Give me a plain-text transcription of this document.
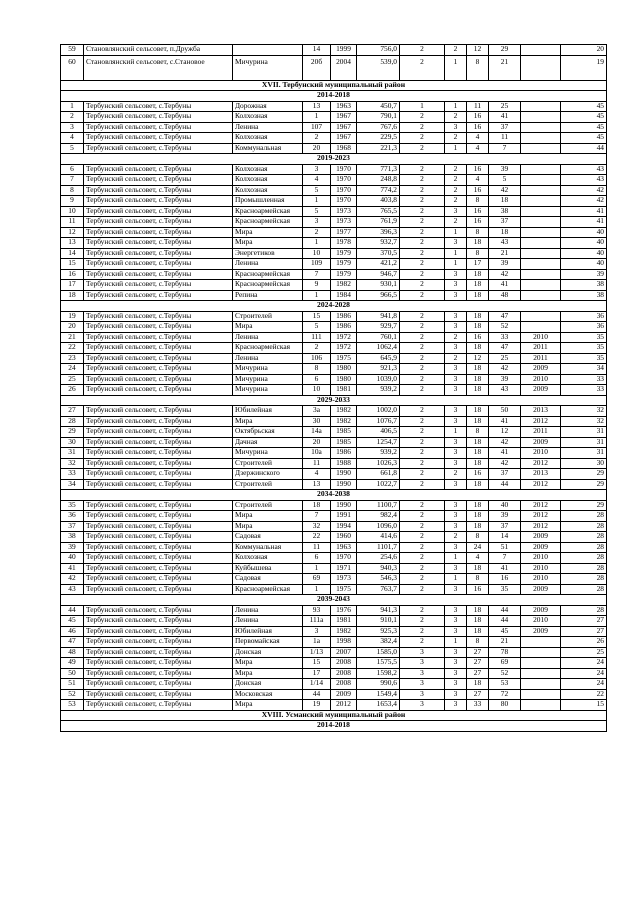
59	Становлянский сельсовет, п.Дружба		14	1999	756,0	2	2	12	29		20
60	Становлянский сельсовет, с.Становое	Мичурина	20б	2004	539,0	2	1	8	21		19
XVII. Тербунский муниципальный район											
2014-2018											
1	Тербунский сельсовет, с.Тербуны	Дорожная	13	1963	450,7	1	1	11	25		45
2	Тербунский сельсовет, с.Тербуны	Колхозная	1	1967	790,1	2	2	16	41		45
3	Тербунский сельсовет, с.Тербуны	Ленина	107	1967	767,6	2	3	16	37		45
4	Тербунский сельсовет, с.Тербуны	Колхозная	2	1967	229,5	2	2	4	11		45
5	Тербунский сельсовет, с.Тербуны	Коммунальная	20	1968	221,3	2	1	4	7		44
2019-2023											
6	Тербунский сельсовет, с.Тербуны	Колхозная	3	1970	771,3	2	2	16	39		43
7	Тербунский сельсовет, с.Тербуны	Колхозная	4	1970	248,8	2	2	4	5		43
8	Тербунский сельсовет, с.Тербуны	Колхозная	5	1970	774,2	2	2	16	42		42
9	Тербунский сельсовет, с.Тербуны	Промышленная	1	1970	403,8	2	2	8	18		42
10	Тербунский сельсовет, с.Тербуны	Красноармейская	5	1973	765,5	2	3	16	38		41
11	Тербунский сельсовет, с.Тербуны	Красноармейская	3	1973	761,9	2	2	16	37		41
12	Тербунский сельсовет, с.Тербуны	Мира	2	1977	396,3	2	1	8	18		40
13	Тербунский сельсовет, с.Тербуны	Мира	1	1978	932,7	2	3	18	43		40
14	Тербунский сельсовет, с.Тербуны	Энергетиков	10	1979	370,5	2	1	8	21		40
15	Тербунский сельсовет, с.Тербуны	Ленина	109	1979	421,2	2	1	17	39		40
16	Тербунский сельсовет, с.Тербуны	Красноармейская	7	1979	946,7	2	3	18	42		39
17	Тербунский сельсовет, с.Тербуны	Красноармейская	9	1982	930,1	2	3	18	41		38
18	Тербунский сельсовет, с.Тербуны	Репина	1	1984	966,5	2	3	18	48		38
2024-2028											
19	Тербунский сельсовет, с.Тербуны	Строителей	15	1986	941,8	2	3	18	47		36
20	Тербунский сельсовет, с.Тербуны	Мира	5	1986	929,7	2	3	18	52		36
21	Тербунский сельсовет, с.Тербуны	Ленина	111	1972	760,1	2	2	16	33	2010	35
22	Тербунский сельсовет, с.Тербуны	Красноармейская	2	1972	1062,4	2	3	18	47	2011	35
23	Тербунский сельсовет, с.Тербуны	Ленина	106	1975	645,9	2	2	12	25	2011	35
24	Тербунский сельсовет, с.Тербуны	Мичурина	8	1980	921,3	2	3	18	42	2009	34
25	Тербунский сельсовет, с.Тербуны	Мичурина	6	1980	1039,0	2	3	18	39	2010	33
26	Тербунский сельсовет, с.Тербуны	Мичурина	10	1981	939,2	2	3	18	43	2009	33
2029-2033											
27	Тербунский сельсовет, с.Тербуны	Юбилейная	3а	1982	1002,0	2	3	18	50	2013	32
28	Тербунский сельсовет, с.Тербуны	Мира	30	1982	1076,7	2	3	18	41	2012	32
29	Тербунский сельсовет, с.Тербуны	Октябрьская	14а	1985	406,5	2	1	8	12	2011	31
30	Тербунский сельсовет, с.Тербуны	Дачная	20	1985	1254,7	2	3	18	42	2009	31
31	Тербунский сельсовет, с.Тербуны	Мичурина	10а	1986	939,2	2	3	18	41	2010	31
32	Тербунский сельсовет, с.Тербуны	Строителей	11	1988	1026,3	2	3	18	42	2012	30
33	Тербунский сельсовет, с.Тербуны	Дзержинского	4	1990	661,8	2	2	16	37	2013	29
34	Тербунский сельсовет, с.Тербуны	Строителей	13	1990	1022,7	2	3	18	44	2012	29
2034-2038											
35	Тербунский сельсовет, с.Тербуны	Строителей	18	1990	1100,7	2	3	18	40	2012	29
36	Тербунский сельсовет, с.Тербуны	Мира	7	1991	982,4	2	3	18	39	2012	28
37	Тербунский сельсовет, с.Тербуны	Мира	32	1994	1096,0	2	3	18	37	2012	28
38	Тербунский сельсовет, с.Тербуны	Садовая	22	1960	414,6	2	2	8	14	2009	28
39	Тербунский сельсовет, с.Тербуны	Коммунальная	11	1963	1101,7	2	3	24	51	2009	28
40	Тербунский сельсовет, с.Тербуны	Колхозная	6	1970	254,6	2	1	4	7	2010	28
41	Тербунский сельсовет, с.Тербуны	Куйбышева	1	1971	940,3	2	3	18	41	2010	28
42	Тербунский сельсовет, с.Тербуны	Садовая	69	1973	546,3	2	1	8	16	2010	28
43	Тербунский сельсовет, с.Тербуны	Красноармейская	1	1975	763,7	2	3	16	35	2009	28
2039-2043											
44	Тербунский сельсовет, с.Тербуны	Ленина	93	1976	941,3	2	3	18	44	2009	28
45	Тербунский сельсовет, с.Тербуны	Ленина	111а	1981	910,1	2	3	18	44	2010	27
46	Тербунский сельсовет, с.Тербуны	Юбилейная	3	1982	925,3	2	3	18	45	2009	27
47	Тербунский сельсовет, с.Тербуны	Первомайская	1а	1998	382,4	2	1	8	21		26
48	Тербунский сельсовет, с.Тербуны	Донская	1/13	2007	1585,0	3	3	27	78		25
49	Тербунский сельсовет, с.Тербуны	Мира	15	2008	1575,5	3	3	27	69		24
50	Тербунский сельсовет, с.Тербуны	Мира	17	2008	1598,2	3	3	27	52		24
51	Тербунский сельсовет, с.Тербуны	Донская	1/14	2008	990,6	3	3	18	53		24
52	Тербунский сельсовет, с.Тербуны	Московская	44	2009	1549,4	3	3	27	72		22
53	Тербунский сельсовет, с.Тербуны	Мира	19	2012	1653,4	3	3	33	80		15
XVIII. Усманский муниципальный район											
2014-2018											
